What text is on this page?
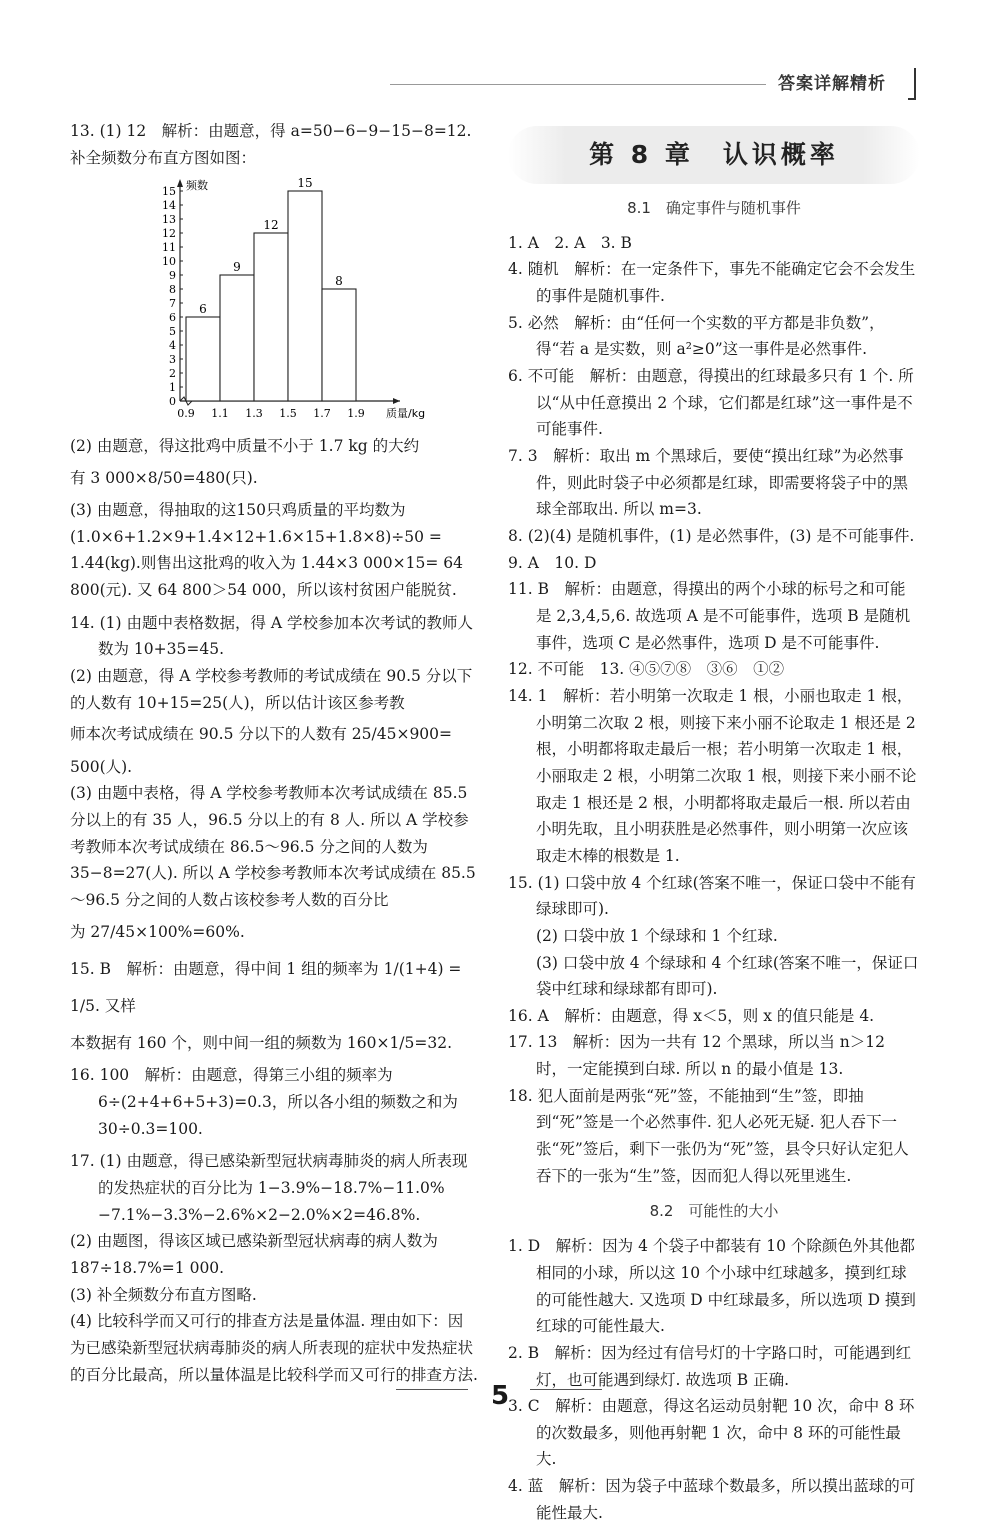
答案详解精析

13. (1) 12　解析：由题意，得 a=50−6−9−15−8=12.

补全频数分布直方图如图：

1
2
3
4
5
6
7
8
9
10
11
12
13
14
15
0
频数
6
9
12
15
8
0.9 1.1 1.3 1.5 1.7 1.9 质量/kg

(2) 由题意，得这批鸡中质量不小于 1.7 kg 的大约

有 3 000×8/50=480(只).

(3) 由题意，得抽取的这150只鸡质量的平均数为(1.0×6+1.2×9+1.4×12+1.6×15+1.8×8)÷50 = 1.44(kg).则售出这批鸡的收入为 1.44×3 000×15= 64 800(元). 又 64 800＞54 000，所以该村贫困户能脱贫.

14. (1) 由题中表格数据，得 A 学校参加本次考试的教师人数为 10+35=45.

(2) 由题意，得 A 学校参考教师的考试成绩在 90.5 分以下的人数有 10+15=25(人)，所以估计该区参考教

师本次考试成绩在 90.5 分以下的人数有 25/45×900=

500(人).

(3) 由题中表格，得 A 学校参考教师本次考试成绩在 85.5 分以上的有 35 人，96.5 分以上的有 8 人. 所以 A 学校参考教师本次考试成绩在 86.5～96.5 分之间的人数为 35−8=27(人). 所以 A 学校参考教师本次考试成绩在 85.5～96.5 分之间的人数占该校参考人数的百分比

为 27/45×100%=60%.

15. B　解析：由题意，得中间 1 组的频率为 1/(1+4) = 1/5. 又样

本数据有 160 个，则中间一组的频数为 160×1/5=32.

16. 100　解析：由题意，得第三小组的频率为 6÷(2+4+6+5+3)=0.3，所以各小组的频数之和为 30÷0.3=100.

17. (1) 由题意，得已感染新型冠状病毒肺炎的病人所表现的发热症状的百分比为 1−3.9%−18.7%−11.0%−7.1%−3.3%−2.6%×2−2.0%×2=46.8%.

(2) 由题图，得该区域已感染新型冠状病毒的病人数为 187÷18.7%=1 000.

(3) 补全频数分布直方图略.

(4) 比较科学而又可行的排查方法是量体温. 理由如下：因为已感染新型冠状病毒肺炎的病人所表现的症状中发热症状的百分比最高，所以量体温是比较科学而又可行的排查方法.

第 8 章　认识概率
8.1　确定事件与随机事件

1. A　2. A　3. B

4. 随机　解析：在一定条件下，事先不能确定它会不会发生的事件是随机事件.

5. 必然　解析：由“任何一个实数的平方都是非负数”，得“若 a 是实数，则 a²≥0”这一事件是必然事件.

6. 不可能　解析：由题意，得摸出的红球最多只有 1 个. 所以“从中任意摸出 2 个球，它们都是红球”这一事件是不可能事件.

7. 3　解析：取出 m 个黑球后，要使“摸出红球”为必然事件，则此时袋子中必须都是红球，即需要将袋子中的黑球全部取出. 所以 m=3.

8. (2)(4) 是随机事件，(1) 是必然事件，(3) 是不可能事件.

9. A　10. D

11. B　解析：由题意，得摸出的两个小球的标号之和可能是 2,3,4,5,6. 故选项 A 是不可能事件，选项 B 是随机事件，选项 C 是必然事件，选项 D 是不可能事件.

12. 不可能　13. ④⑤⑦⑧　③⑥　①②

14. 1　解析：若小明第一次取走 1 根，小丽也取走 1 根，小明第二次取 2 根，则接下来小丽不论取走 1 根还是 2 根，小明都将取走最后一根；若小明第一次取走 1 根，小丽取走 2 根，小明第二次取 1 根，则接下来小丽不论取走 1 根还是 2 根，小明都将取走最后一根. 所以若由小明先取，且小明获胜是必然事件，则小明第一次应该取走木棒的根数是 1.

15. (1) 口袋中放 4 个红球(答案不唯一，保证口袋中不能有绿球即可).

(2) 口袋中放 1 个绿球和 1 个红球.

(3) 口袋中放 4 个绿球和 4 个红球(答案不唯一，保证口袋中红球和绿球都有即可).

16. A　解析：由题意，得 x＜5，则 x 的值只能是 4.

17. 13　解析：因为一共有 12 个黑球，所以当 n＞12 时，一定能摸到白球. 所以 n 的最小值是 13.

18. 犯人面前是两张“死”签，不能抽到“生”签，即抽到“死”签是一个必然事件. 犯人必死无疑. 犯人吞下一张“死”签后，剩下一张仍为“死”签，县令只好认定犯人吞下的一张为“生”签，因而犯人得以死里逃生.

8.2　可能性的大小

1. D　解析：因为 4 个袋子中都装有 10 个除颜色外其他都相同的小球，所以这 10 个小球中红球越多，摸到红球的可能性越大. 又选项 D 中红球最多，所以选项 D 摸到红球的可能性最大.

2. B　解析：因为经过有信号灯的十字路口时，可能遇到红灯，也可能遇到绿灯. 故选项 B 正确.

3. C　解析：由题意，得这名运动员射靶 10 次，命中 8 环的次数最多，则他再射靶 1 次，命中 8 环的可能性最大.

4. 蓝　解析：因为袋子中蓝球个数最多，所以摸出蓝球的可能性最大.

5
